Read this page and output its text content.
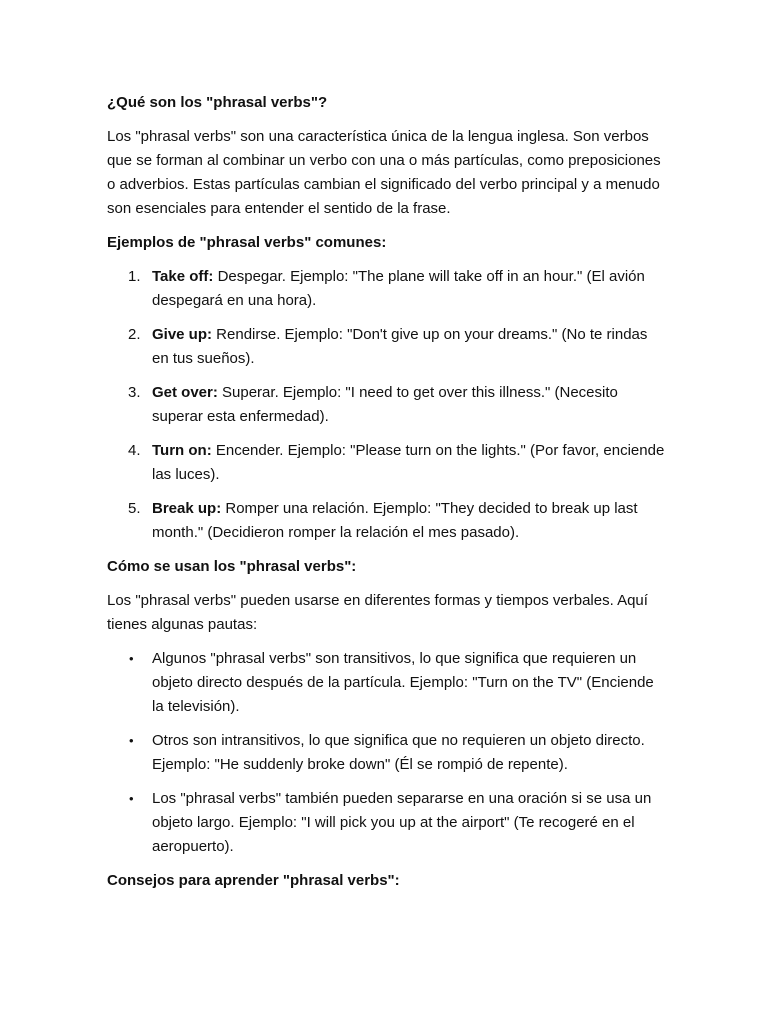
¿Qué son los "phrasal verbs"?

Los "phrasal verbs" son una característica única de la lengua inglesa. Son verbos que se forman al combinar un verbo con una o más partículas, como preposiciones o adverbios. Estas partículas cambian el significado del verbo principal y a menudo son esenciales para entender el sentido de la frase.

Ejemplos de "phrasal verbs" comunes:

1. Take off: Despegar. Ejemplo: "The plane will take off in an hour." (El avión despegará en una hora).
2. Give up: Rendirse. Ejemplo: "Don't give up on your dreams." (No te rindas en tus sueños).
3. Get over: Superar. Ejemplo: "I need to get over this illness." (Necesito superar esta enfermedad).
4. Turn on: Encender. Ejemplo: "Please turn on the lights." (Por favor, enciende las luces).
5. Break up: Romper una relación. Ejemplo: "They decided to break up last month." (Decidieron romper la relación el mes pasado).

Cómo se usan los "phrasal verbs":

Los "phrasal verbs" pueden usarse en diferentes formas y tiempos verbales. Aquí tienes algunas pautas:

• Algunos "phrasal verbs" son transitivos, lo que significa que requieren un objeto directo después de la partícula. Ejemplo: "Turn on the TV" (Enciende la televisión).
• Otros son intransitivos, lo que significa que no requieren un objeto directo. Ejemplo: "He suddenly broke down" (Él se rompió de repente).
• Los "phrasal verbs" también pueden separarse en una oración si se usa un objeto largo. Ejemplo: "I will pick you up at the airport" (Te recogeré en el aeropuerto).

Consejos para aprender "phrasal verbs":
